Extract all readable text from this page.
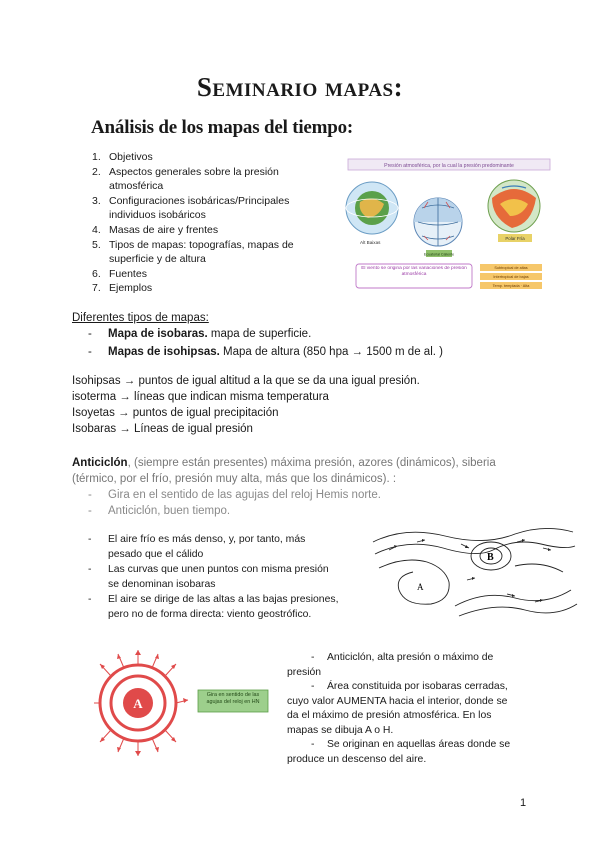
Seminario mapas:
Análisis de los mapas del tiempo:
1. Objetivos
2. Aspectos generales sobre la presión atmosférica
3. Configuraciones isobáricas/Principales individuos isobáricos
4. Masas de aire y frentes
5. Tipos de mapas: topografías, mapas de superficie y de altura
6. Fuentes
7. Ejemplos
Presión atmosférica, por la cual la presión predominante
Alt Baixas
Ecuatorial Caliente
Polar Fría
El viento se origina por las variaciones de presión atmosférica
Subtropical de altas
Intertropical de bajas
Temp. templada · Alta
Diferentes tipos de mapas:
-	Mapa de isobaras. mapa de superficie.
-	Mapas de isohipsas. Mapa de altura (850 hpa → 1500 m de al. )
Isohipsas → puntos de igual altitud a la que se da una igual presión.
isoterma → líneas que indican misma temperatura
Isoyetas → puntos de igual precipitación
Isobaras → Líneas de igual presión
Anticiclón, (siempre están presentes) máxima presión, azores (dinámicos), siberia
(térmico, por el frío, presión muy alta, más que los dinámicos). :
-	Gira en el sentido de las agujas del reloj Hemis norte.
-	Anticiclón, buen tiempo.
-	El aire frío es más denso, y, por tanto, más
pesado que el cálido
-	Las curvas que unen puntos con misma presión
se denominan isobaras
-	El aire se dirige de las altas a las bajas presiones,
pero no de forma directa: viento geostrófico.
B
A
A
Gira en sentido de las agujas del reloj en HN
- Anticiclón, alta presión o máximo de
presión
- Área constituida por isobaras cerradas,
cuyo valor AUMENTA hacia el interior, donde se
da el máximo de presión atmosférica. En los
mapas se dibuja A o H.
- Se originan en aquellas áreas donde se
produce un descenso del aire.
1
